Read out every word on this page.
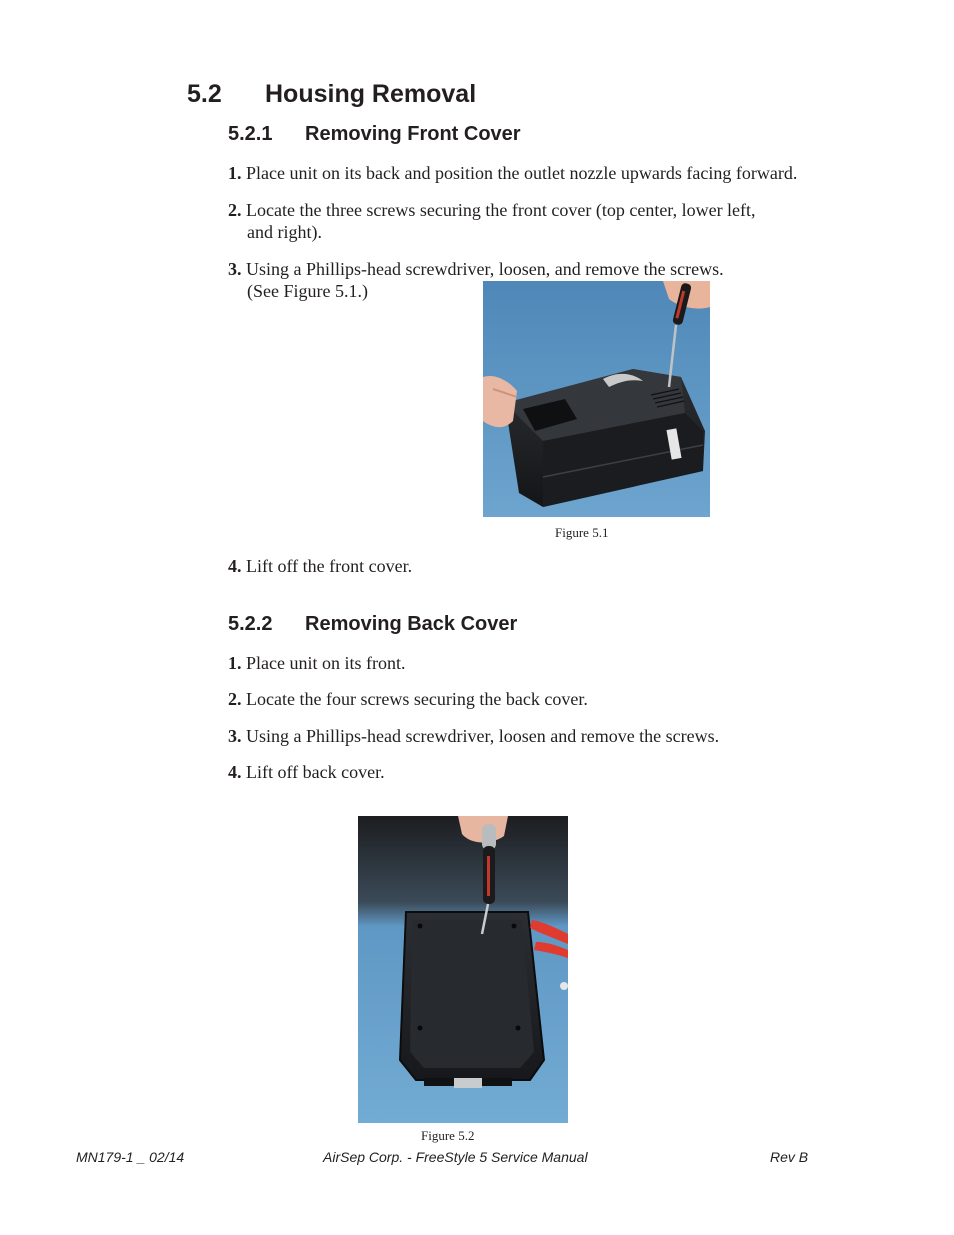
5.2 Housing Removal
5.2.1 Removing Front Cover
1. Place unit on its back and position the outlet nozzle upwards facing forward.
2. Locate the three screws securing the front cover (top center, lower left,
and right).
3. Using a Phillips-head screwdriver, loosen, and remove the screws.
(See Figure 5.1.)
Figure 5.1
4. Lift off the front cover.
5.2.2 Removing Back Cover
1. Place unit on its front.
2. Locate the four screws securing the back cover.
3. Using a Phillips-head screwdriver, loosen and remove the screws.
4. Lift off back cover.
Figure 5.2
MN179-1 _ 02/14	AirSep Corp. - FreeStyle 5 Service Manual	Rev B
